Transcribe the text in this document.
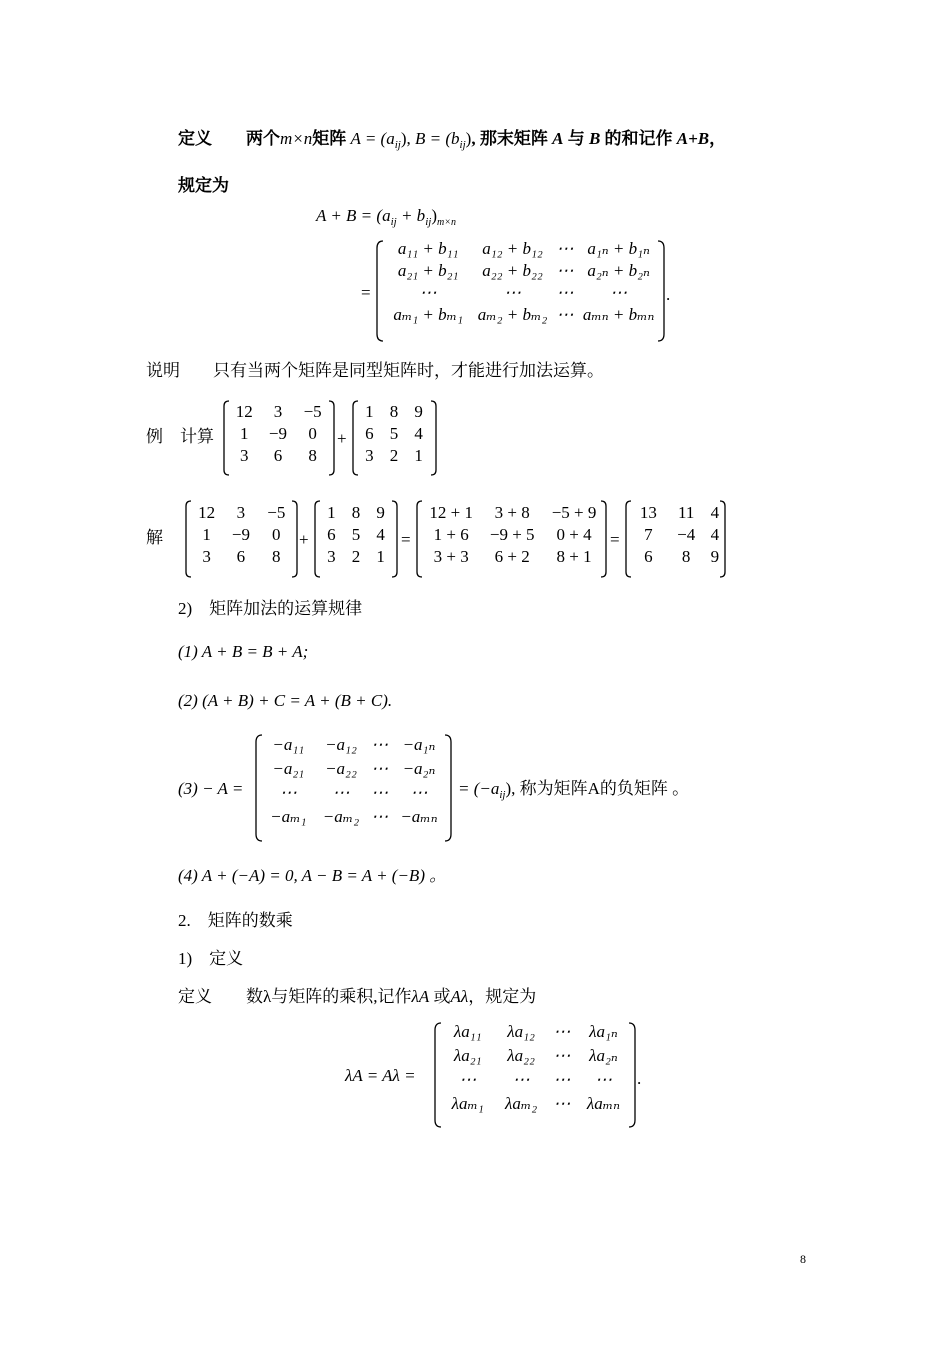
定义 两个m×n矩阵 $A = (a_{ij})$, $B = (b_{ij})$, 那末矩阵 A 与 B 的和记作 A+B，
规定为
$A + B = (a_{ij} + b_{ij})_{m\times n}$
=
a₁₁ + b₁₁	a₁₂ + b₁₂	⋯	a₁ₙ + b₁ₙ
a₂₁ + b₂₁	a₂₂ + b₂₂	⋯	a₂ₙ + b₂ₙ
⋯	⋯	⋯	⋯
aₘ₁ + bₘ₁	aₘ₂ + bₘ₂	⋯	aₘₙ + bₘₙ
.
说明 只有当两个矩阵是同型矩阵时，才能进行加法运算。
例 计算
12	3	−5
1	−9	0
3	6	8
+
1	8	9
6	5	4
3	2	1
解
12	3	−5
1	−9	0
3	6	8
+
1	8	9
6	5	4
3	2	1
=
12 + 1	3 + 8	−5 + 9
1 + 6	−9 + 5	0 + 4
3 + 3	6 + 2	8 + 1
=
13	11	4
7	−4	4
6	8	9
2)　矩阵加法的运算规律
(1) A + B = B + A;
(2) (A + B) + C = A + (B + C).
(3) − A =
−a₁₁	−a₁₂	⋯	−a₁ₙ
−a₂₁	−a₂₂	⋯	−a₂ₙ
⋯	⋯	⋯	⋯
−aₘ₁	−aₘ₂	⋯	−aₘₙ
= $(-a_{ij})$, 称为矩阵A的负矩阵 。
(4) A + (−A) = 0, A − B = A + (−B) 。
2.　矩阵的数乘
1)　定义
定义 数λ与矩阵的乘积,记作λA 或Aλ，规定为
λA = Aλ =
λa₁₁	λa₁₂	⋯	λa₁ₙ
λa₂₁	λa₂₂	⋯	λa₂ₙ
⋯	⋯	⋯	⋯
λaₘ₁	λaₘ₂	⋯	λaₘₙ
.
8
